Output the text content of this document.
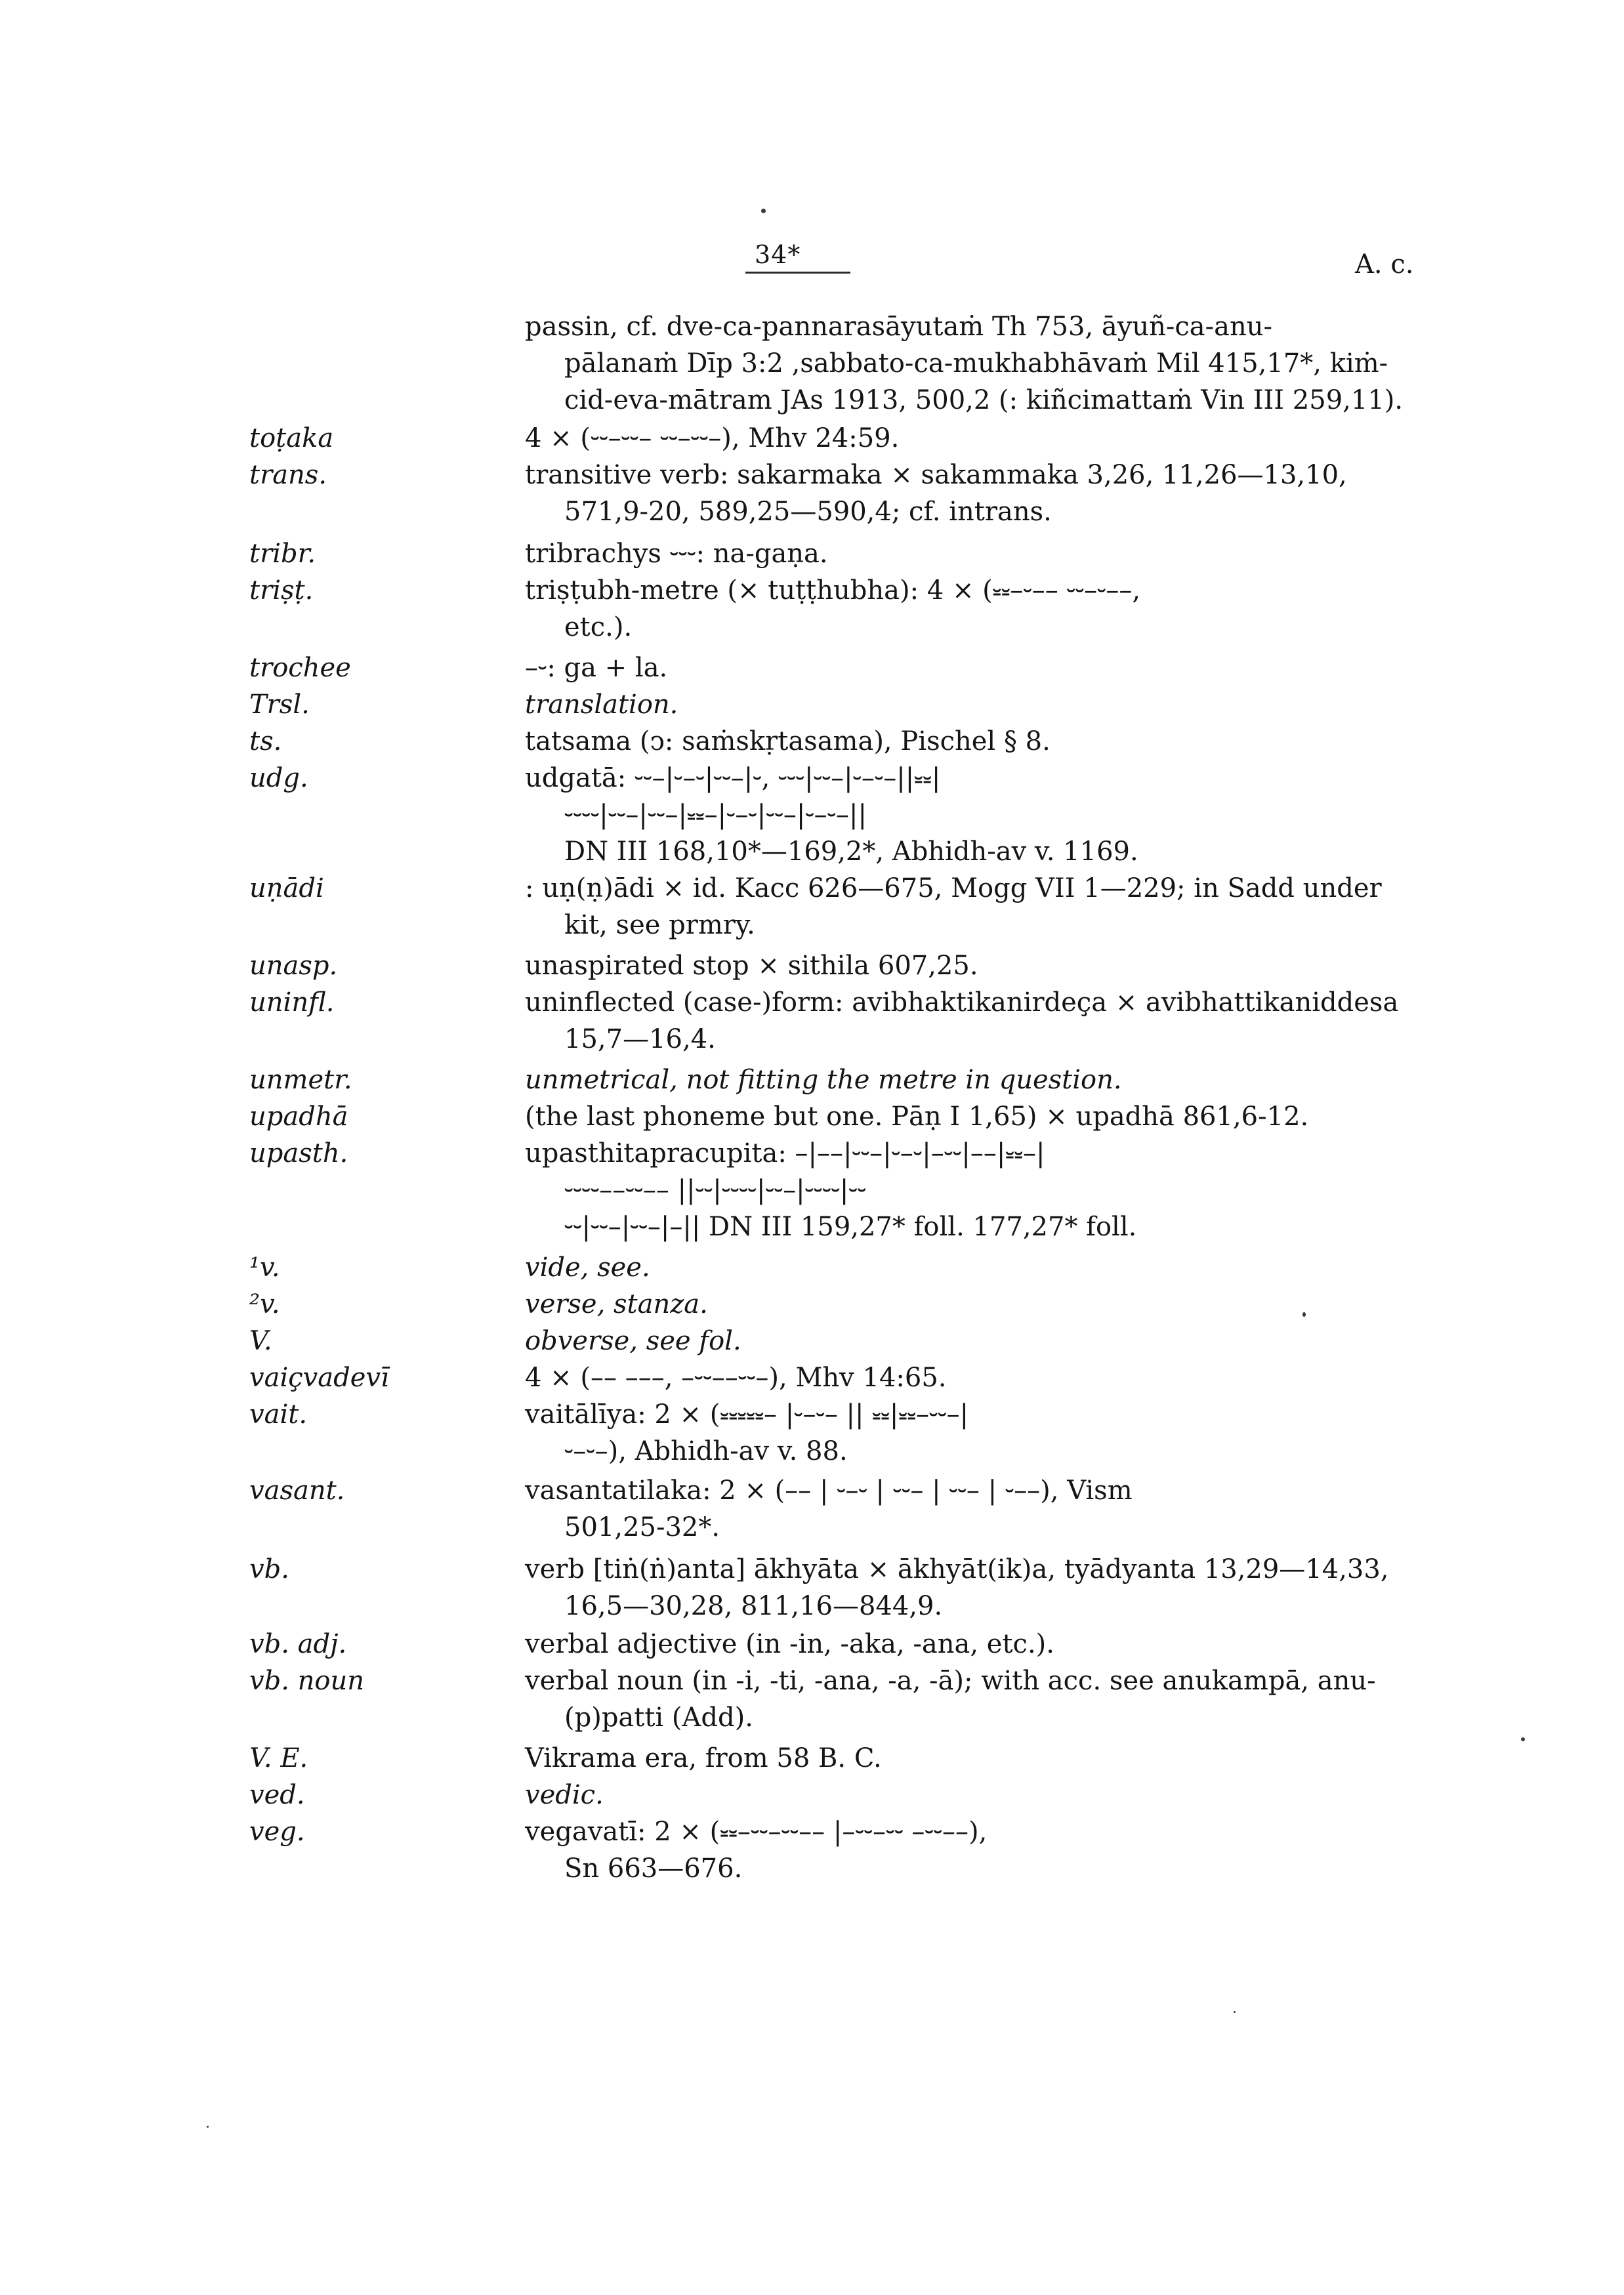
34*	A. c.
passin, cf. dve-ca-pannarasāyutaṁ Th 753, āyuñ-ca-anu-
pālanaṁ Dīp 3:2 ,sabbato-ca-mukhabhāvaṁ Mil 415,17*, kiṁ-
cid-eva-mātram JAs 1913, 500,2 (: kiñcimattaṁ Vin III 259,11).
toṭaka	4 × (⏑⏑–⏑⏑– ⏑⏑–⏑⏑–), Mhv 24:59.
trans.	transitive verb: sakarmaka × sakammaka 3,26, 11,26—13,10,
571,9-20, 589,25—590,4; cf. intrans.
tribr.	tribrachys ⏑⏑⏑: na-gaṇa.
triṣṭ.	triṣṭubh-metre (× tuṭṭhubha): 4 × (⏓⏓–⏑–– ⏑⏑–⏑––,
etc.).
trochee	–⏑: ga + la.
Trsl.	translation.
ts.	tatsama (ↄ: saṁskṛtasama), Pischel § 8.
udg.	udgatā: ⏑⏑–|⏑–⏑|⏑⏑–|⏑, ⏑⏑⏑|⏑⏑–|⏑–⏑–||⏓⏓|
⏑⏑⏑⏑|⏑⏑–|⏑⏑–|⏓⏓–|⏑–⏑|⏑⏑–|⏑–⏑–||
DN III 168,10*—169,2*, Abhidh-av v. 1169.
uṇādi	: uṇ(ṇ)ādi × id. Kacc 626—675, Mogg VII 1—229; in Sadd under
kit, see prmry.
unasp.	unaspirated stop × sithila 607,25.
uninfl.	uninflected (case-)form: avibhaktikanirdeça × avibhattikaniddesa
15,7—16,4.
unmetr.	unmetrical, not fitting the metre in question.
upadhā	(the last phoneme but one. Pāṇ I 1,65) × upadhā 861,6-12.
upasth.	upasthitapracupita: –|––|⏑⏑–|⏑–⏑|–⏑⏑|––|⏓⏓–|
⏑⏑⏑⏑––⏑⏑–– ||⏑⏑|⏑⏑⏑⏑|⏑⏑–|⏑⏑⏑⏑|⏑⏑
⏑⏑|⏑⏑–|⏑⏑–|–|| DN III 159,27* foll. 177,27* foll.
¹v.	vide, see.
²v.	verse, stanza.
V.	obverse, see fol.
vaiçvadevī	4 × (–– –––, –⏑⏑––⏑⏑–), Mhv 14:65.
vait.	vaitālīya: 2 × (⏓⏓⏓⏓⏓– |⏑–⏑– || ⏓⏓|⏓⏓–⏑⏑–|
⏑–⏑–), Abhidh-av v. 88.
vasant.	vasantatilaka: 2 × (–– | ⏑–⏑ | ⏑⏑– | ⏑⏑– | ⏑––), Vism
501,25-32*.
vb.	verb [tiṅ(ṅ)anta] ākhyāta × ākhyāt(ik)a, tyādyanta 13,29—14,33,
16,5—30,28, 811,16—844,9.
vb. adj.	verbal adjective (in -in, -aka, -ana, etc.).
vb. noun	verbal noun (in -i, -ti, -ana, -a, -ā); with acc. see anukampā, anu-
(p)patti (Add).
V. E.	Vikrama era, from 58 B. C.
ved.	vedic.
veg.	vegavatī: 2 × (⏓⏓–⏑⏑–⏑⏑–– |–⏑⏑–⏑⏑ –⏑⏑––),
Sn 663—676.
